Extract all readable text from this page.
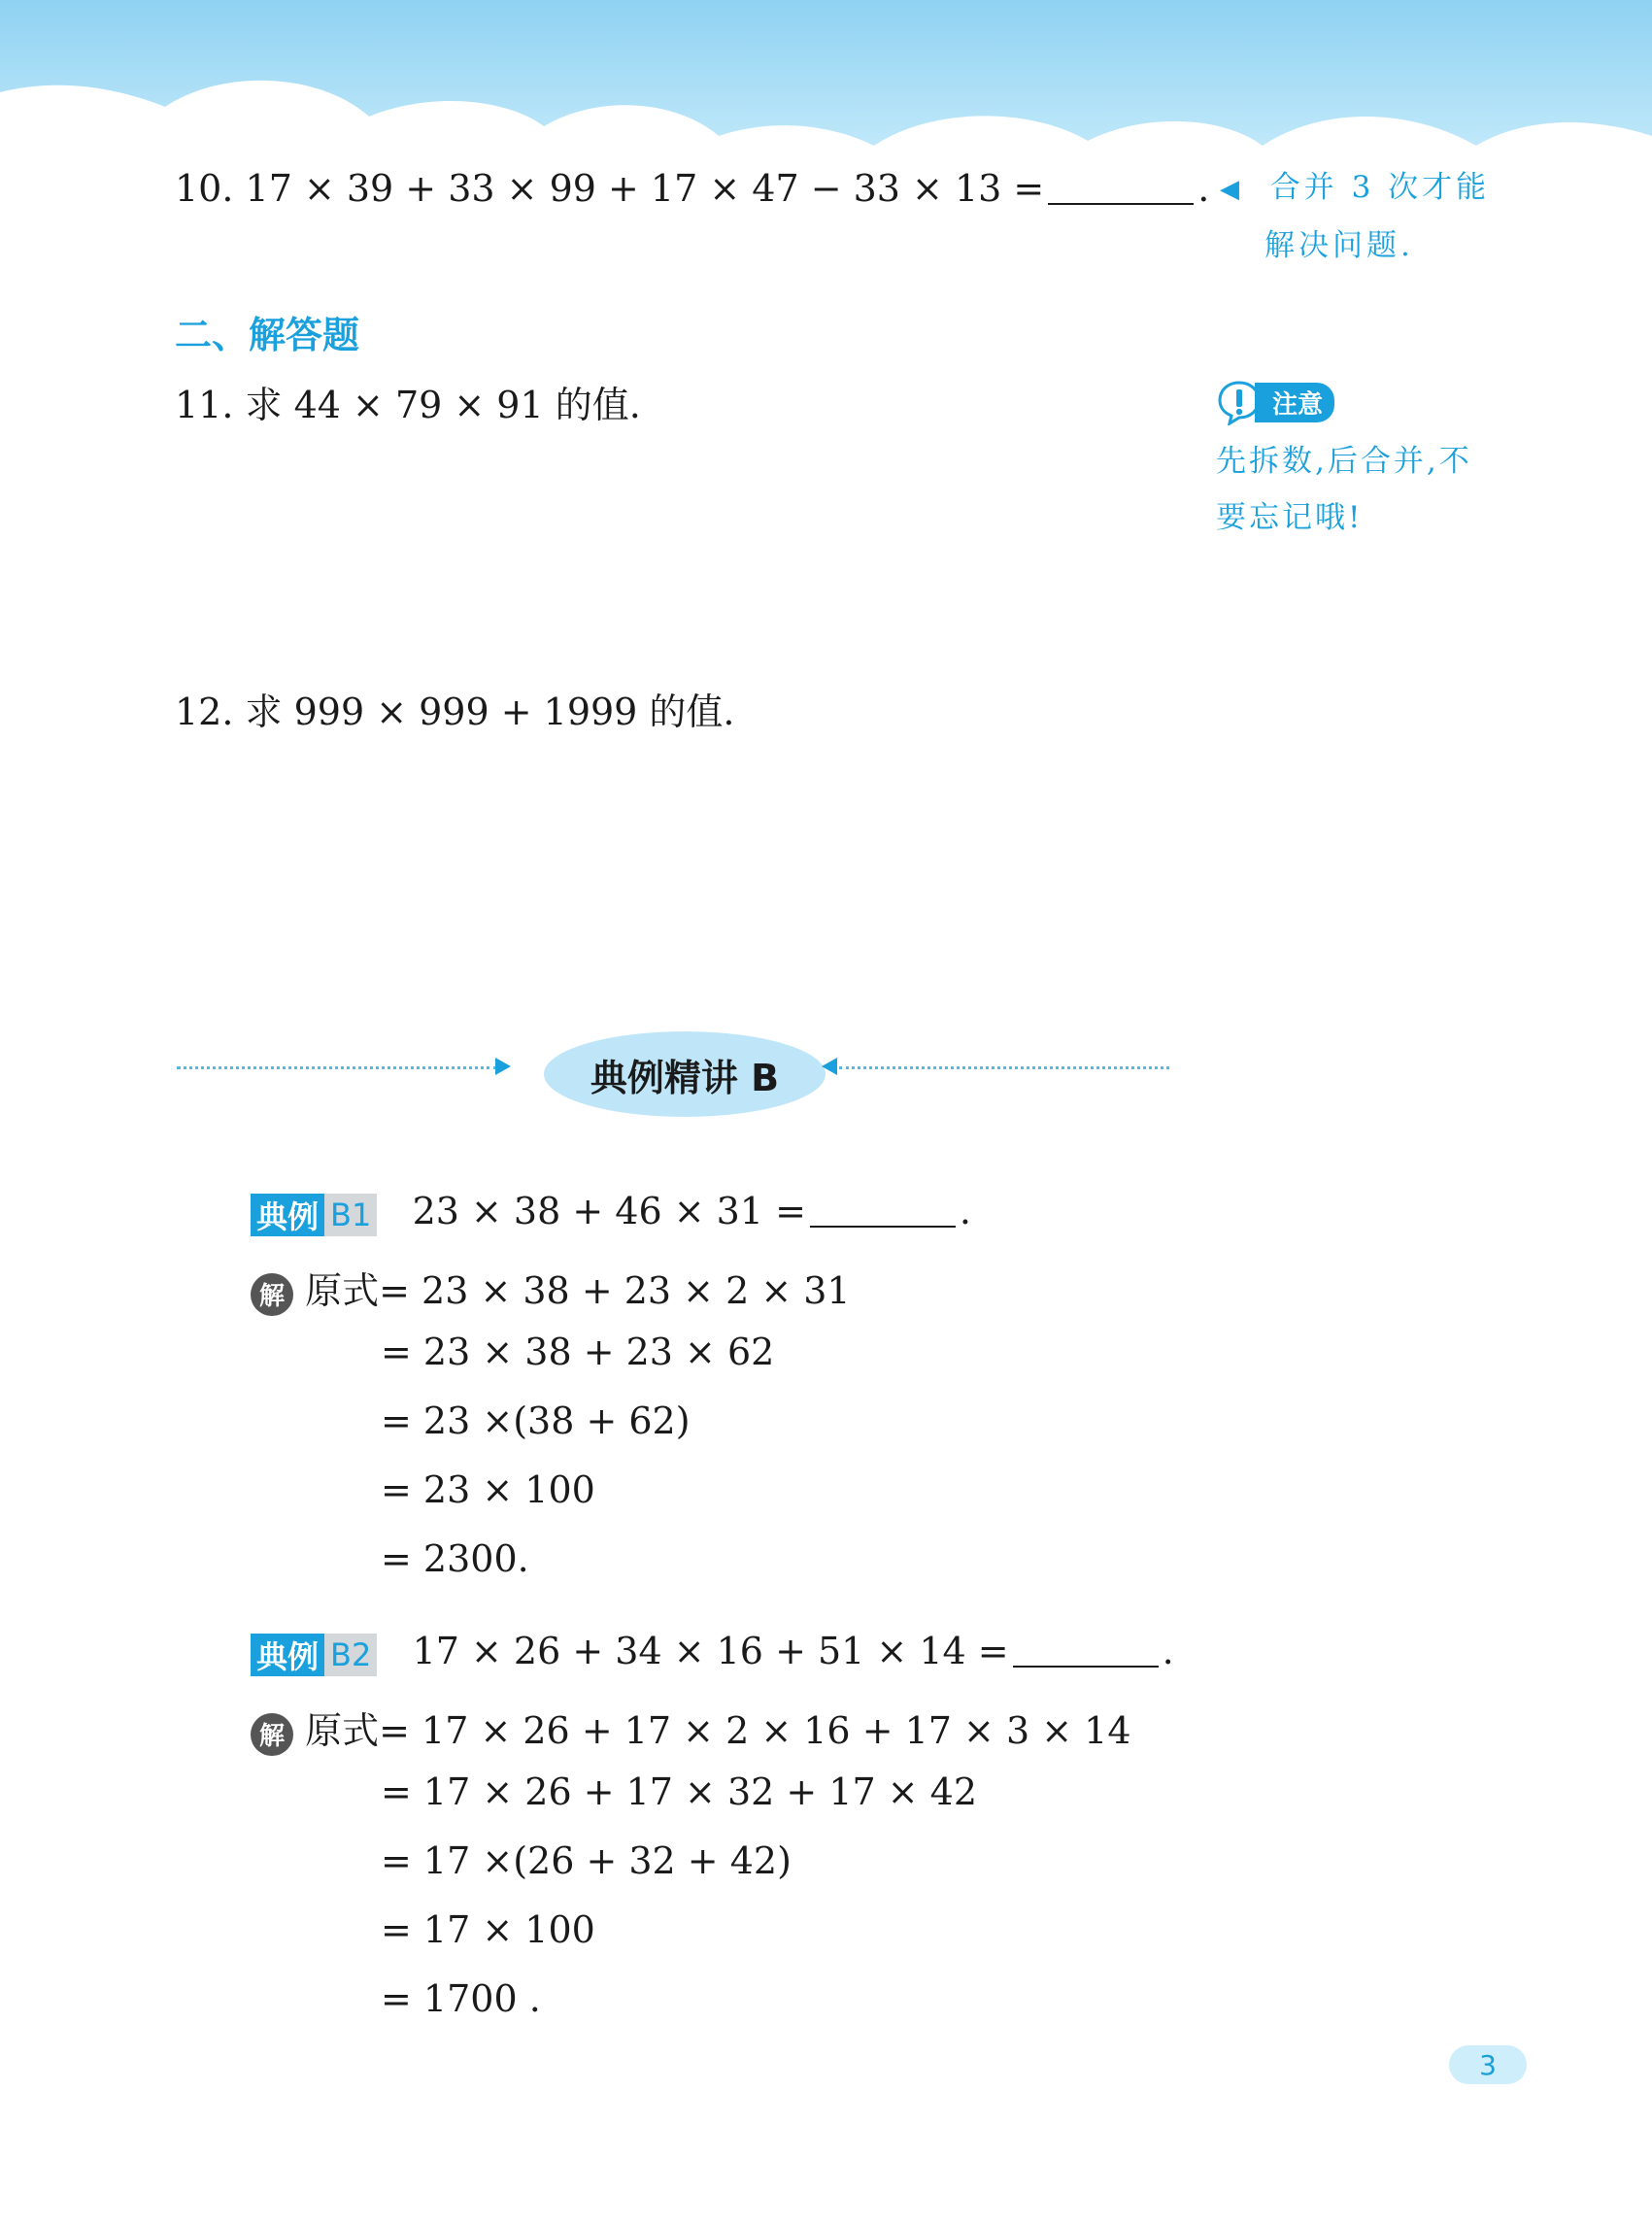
10. 17 × 39 + 33 × 99 + 17 × 47 − 33 × 13 =	. ◀ 合并 3 次才能
解决问题.
二、解答题
11. 求 44 × 79 × 91 的值.	注意
先拆数,后合并,不
要忘记哦!
12. 求 999 × 999 + 1999 的值.
典例精讲 B
典例 B1 23 × 38 + 46 × 31 =	.
解 原式= 23 × 38 + 23 × 2 × 31
= 23 × 38 + 23 × 62
= 23 ×(38 + 62)
= 23 × 100
= 2300.
典例 B2 17 × 26 + 34 × 16 + 51 × 14 =	.
解 原式= 17 × 26 + 17 × 2 × 16 + 17 × 3 × 14
= 17 × 26 + 17 × 32 + 17 × 42
= 17 ×(26 + 32 + 42)
= 17 × 100
= 1700 .
3
